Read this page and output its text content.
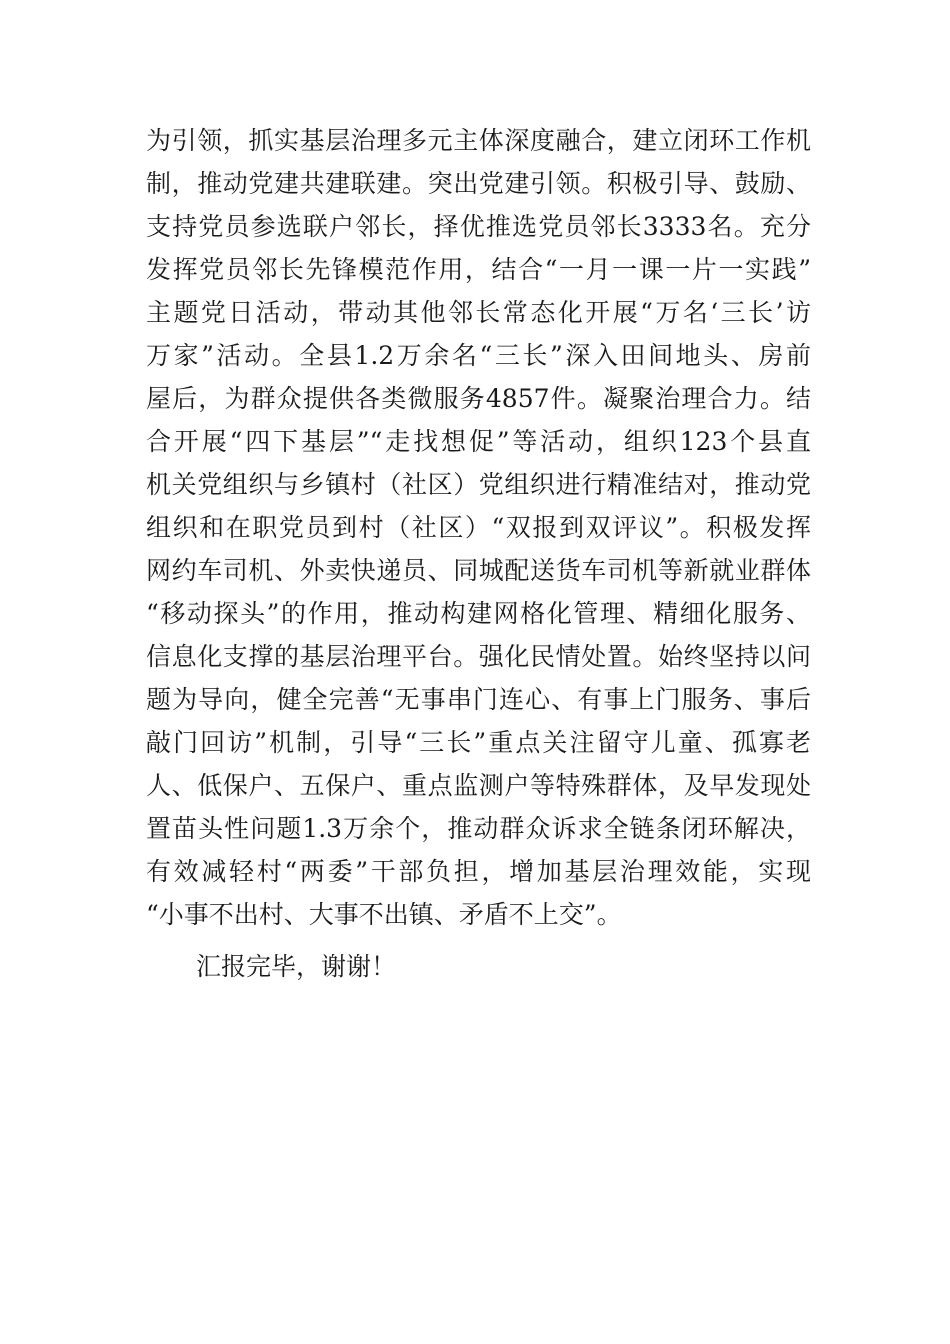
为引领，抓实基层治理多元主体深度融合，建立闭环工作机
制，推动党建共建联建。突出党建引领。积极引导、鼓励、
支持党员参选联户邻长，择优推选党员邻长3333名。充分
发挥党员邻长先锋模范作用，结合“一月一课一片一实践”
主题党日活动，带动其他邻长常态化开展“万名‘三长’访
万家”活动。全县1.2万余名“三长”深入田间地头、房前
屋后，为群众提供各类微服务4857件。凝聚治理合力。结
合开展“四下基层”“走找想促”等活动，组织123个县直
机关党组织与乡镇村（社区）党组织进行精准结对，推动党
组织和在职党员到村（社区）“双报到双评议”。积极发挥
网约车司机、外卖快递员、同城配送货车司机等新就业群体
“移动探头”的作用，推动构建网格化管理、精细化服务、
信息化支撑的基层治理平台。强化民情处置。始终坚持以问
题为导向，健全完善“无事串门连心、有事上门服务、事后
敲门回访”机制，引导“三长”重点关注留守儿童、孤寡老
人、低保户、五保户、重点监测户等特殊群体，及早发现处
置苗头性问题1.3万余个，推动群众诉求全链条闭环解决，
有效减轻村“两委”干部负担，增加基层治理效能，实现
“小事不出村、大事不出镇、矛盾不上交”。
汇报完毕，谢谢！
